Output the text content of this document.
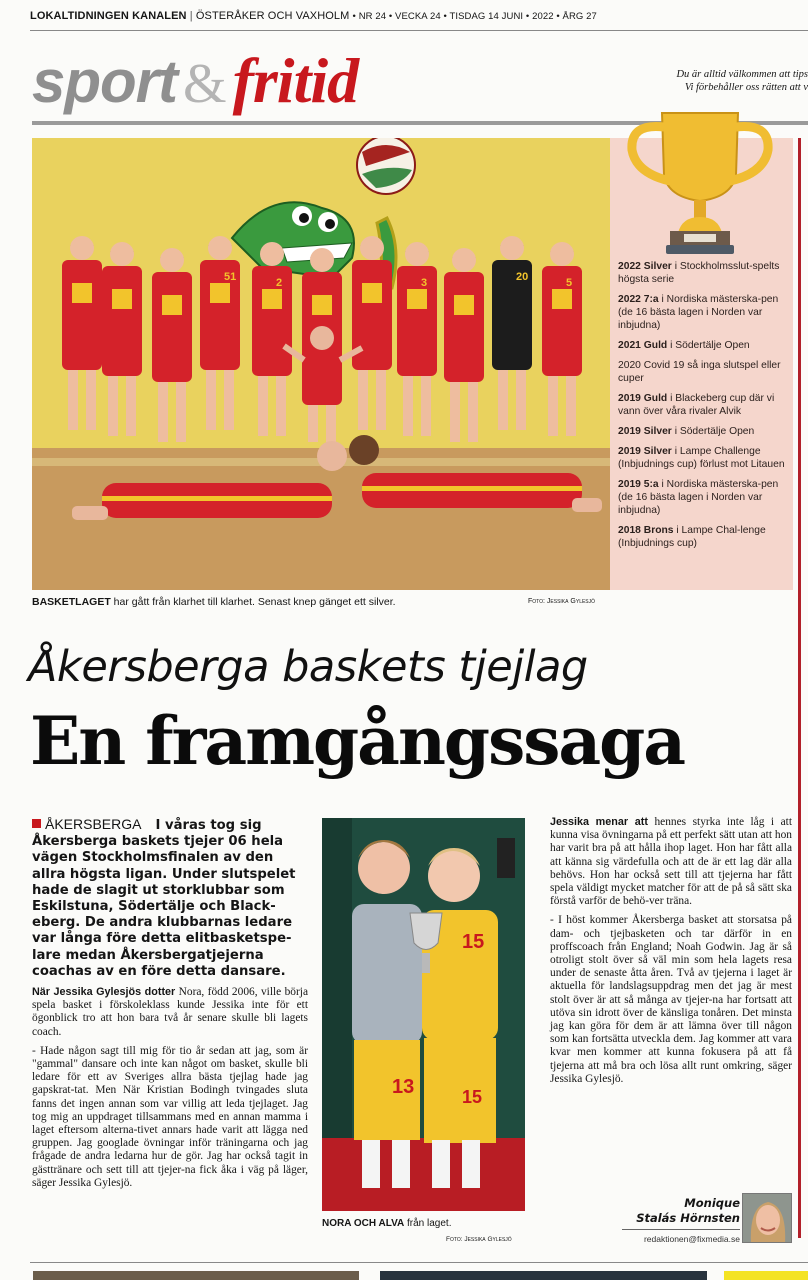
LOKALTIDNINGEN KANALEN | ÖSTERÅKER OCH VAXHOLM • NR 24 • VECKA 24 • TISDAG 14 JUNI • 2022 • ÅRG 27
sport &fritid	Du är alltid välkommen att tips
Vi förbehåller oss rätten att v
51	2	3	20	5
2022 Silver i Stockholmsslut-spelts högsta serie
2022 7:a i Nordiska mästerska-pen (de 16 bästa lagen i Norden var inbjudna)
2021 Guld i Södertälje Open
2020 Covid 19 så inga slutspel eller cuper
2019 Guld i Blackeberg cup där vi vann över våra rivaler Alvik
2019 Silver i Södertälje Open
2019 Silver i Lampe Challenge (Inbjudnings cup) förlust mot Litauen
2019 5:a i Nordiska mästerska-pen (de 16 bästa lagen i Norden var inbjudna)
2018 Brons i Lampe Chal-lenge (Inbjudnings cup)
BASKETLAGET har gått från klarhet till klarhet. Senast knep gänget ett silver.	Foto: Jessika Gylesjö
Åkersberga baskets tjejlag
En framgångssaga
ÅKERSBERGA I våras tog sig Åkersberga baskets tjejer 06 hela vägen Stockholmsfinalen av den allra högsta ligan. Under slutspelet hade de slagit ut storklubbar som Eskilstuna, Södertälje och Black-eberg. De andra klubbarnas ledare var långa före detta elitbasketspe-lare medan Åkersbergatjejerna coachas av en före detta dansare.

När Jessika Gylesjös dotter Nora, född 2006, ville börja spela basket i förskoleklass kunde Jessika inte för ett ögonblick tro att hon bara två år senare skulle bli lagets coach.

- Hade någon sagt till mig för tio år sedan att jag, som är "gammal" dansare och inte kan något om basket, skulle bli ledare för ett av Sveriges allra bästa tjejlag hade jag gapskrat-tat. Men När Kristian Bodingh tvingades sluta fanns det ingen annan som var villig att leda tjejlaget. Jag tog mig an uppdraget tillsammans med en annan mamma i laget eftersom alterna-tivet annars hade varit att lägga ned gruppen. Jag googlade övningar inför träningarna och jag frågade de andra ledarna hur de gör. Jag har också tagit in gästtränare och sett till att tjejer-na fick åka i väg på läger, säger Jessika Gylesjö.

13
15
15
NORA OCH ALVA från laget.
Foto: Jessika Gylesjö

Jessika menar att hennes styrka inte låg i att kunna visa övningarna på ett perfekt sätt utan att hon har varit bra på att hålla ihop laget. Hon har fått alla att känna sig värdefulla och att de är ett lag där alla behövs. Hon har också sett till att tjejerna har fått spela väldigt mycket matcher för att de på så sätt ska förstå varför de behö-ver träna.

- I höst kommer Åkersberga basket att storsatsa på dam- och tjejbasketen och tar därför in en proffscoach från England; Noah Godwin. Jag är så otroligt stolt över så väl min som hela lagets resa under de senaste åtta åren. Två av tjejerna i laget är aktuella för landslagsuppdrag men det jag är mest stolt över är att så många av tjejer-na har fortsatt att utöva sin idrott över de känsliga tonåren. Det minsta jag kan göra för dem är att lämna över till någon som kan fortsätta utveckla dem. Jag kommer att vara kvar men kommer att kunna fokusera på att få tjejerna att må bra och lösa allt runt omkring, säger Jessika Gylesjö.

Monique
Stalás Hörnsten
redaktionen@fixmedia.se
